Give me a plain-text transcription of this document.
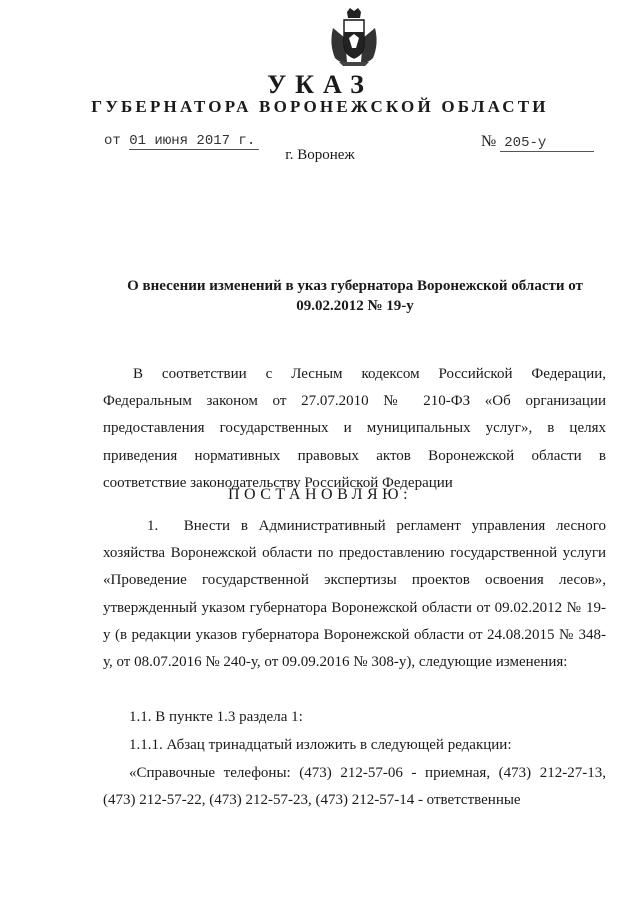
УКАЗ
ГУБЕРНАТОРА ВОРОНЕЖСКОЙ ОБЛАСТИ
от 01 июня 2017 г.	№ 205-у
г. Воронеж
О внесении изменений в указ губернатора Воронежской области от 09.02.2012 № 19-у
В соответствии с Лесным кодексом Российской Федерации, Федеральным законом от 27.07.2010 № 210-ФЗ «Об организации предоставления государственных и муниципальных услуг», в целях приведения нормативных правовых актов Воронежской области в соответствие законодательству Российской Федерации
ПОСТАНОВЛЯЮ:
1. Внести в Административный регламент управления лесного хозяйства Воронежской области по предоставлению государственной услуги «Проведение государственной экспертизы проектов освоения лесов», утвержденный указом губернатора Воронежской области от 09.02.2012 № 19-у (в редакции указов губернатора Воронежской области от 24.08.2015 № 348-у, от 08.07.2016 № 240-у, от 09.09.2016 № 308-у), следующие изменения:
1.1. В пункте 1.3 раздела 1:
1.1.1. Абзац тринадцатый изложить в следующей редакции:
«Справочные телефоны: (473) 212-57-06 - приемная, (473) 212-27-13, (473) 212-57-22, (473) 212-57-23, (473) 212-57-14 - ответственные
